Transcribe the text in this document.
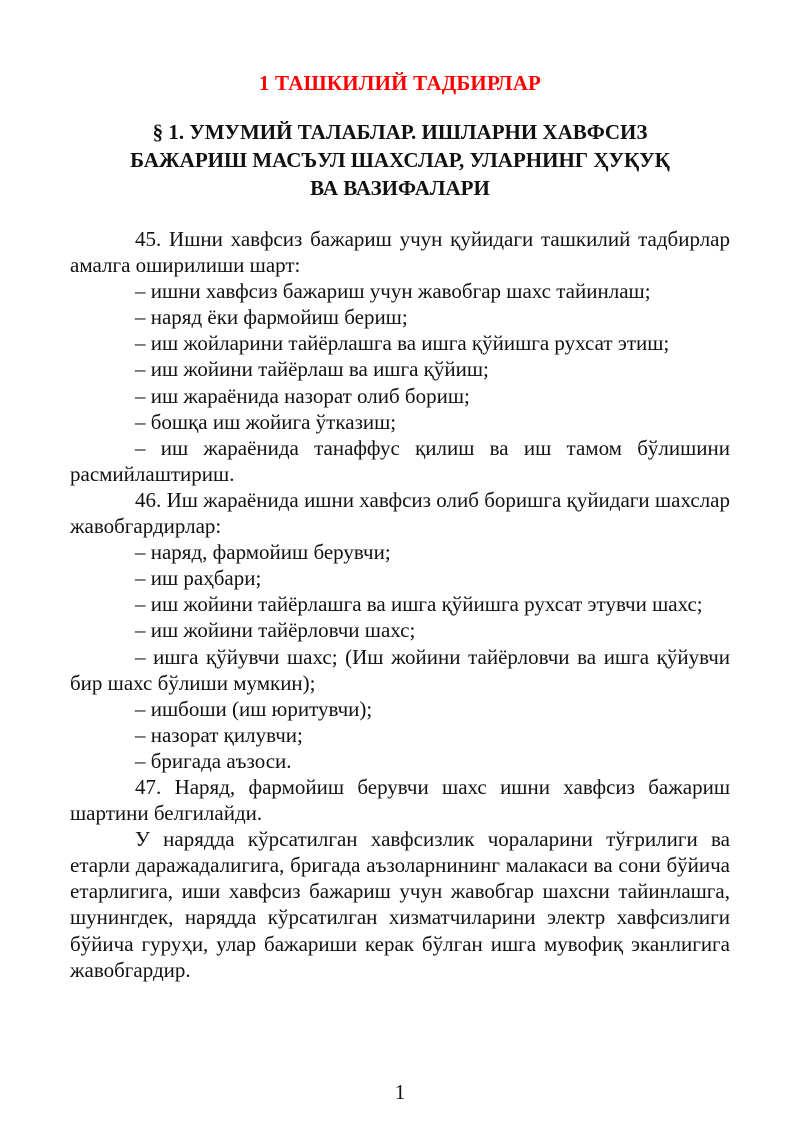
1 ТАШКИЛИЙ ТАДБИРЛАР
§ 1. УМУМИЙ ТАЛАБЛАР. ИШЛАРНИ ХАВФСИЗ
БАЖАРИШ МАСЪУЛ ШАХСЛАР, УЛАРНИНГ ҲУҚУҚ
ВА ВАЗИФАЛАРИ

45. Ишни хавфсиз бажариш учун қуйидаги ташкилий тадбирлар амалга оширилиши шарт:

– ишни хавфсиз бажариш учун жавобгар шахс тайинлаш;

– наряд ёки фармойиш бериш;

– иш жойларини тайёрлашга ва ишга қўйишга рухсат этиш;

– иш жойини тайёрлаш ва ишга қўйиш;

– иш жараёнида назорат олиб бориш;

– бошқа иш жойига ўтказиш;

– иш жараёнида танаффус қилиш ва иш тамом бўлишини расмийлаштириш.

46. Иш жараёнида ишни хавфсиз олиб боришга қуйидаги шахслар жавобгардирлар:

– наряд, фармойиш берувчи;

– иш раҳбари;

– иш жойини тайёрлашга ва ишга қўйишга рухсат этувчи шахс;

– иш жойини тайёрловчи шахс;

– ишга қўйувчи шахс; (Иш жойини тайёрловчи ва ишга қўйувчи бир шахс бўлиши мумкин);

– ишбоши (иш юритувчи);

– назорат қилувчи;

– бригада аъзоси.

47. Наряд, фармойиш берувчи шахс ишни хавфсиз бажариш шартини белгилайди.

У нарядда кўрсатилган хавфсизлик чораларини тўғрилиги ва етарли даражадалигига, бригада аъзоларнининг малакаси ва сони бўйича етарлигига, иши хавфсиз бажариш учун жавобгар шахсни тайинлашга, шунингдек, нарядда кўрсатилган хизматчиларини электр хавфсизлиги бўйича гуруҳи, улар бажариши керак бўлган ишга мувофиқ эканлигига жавобгардир.

1
